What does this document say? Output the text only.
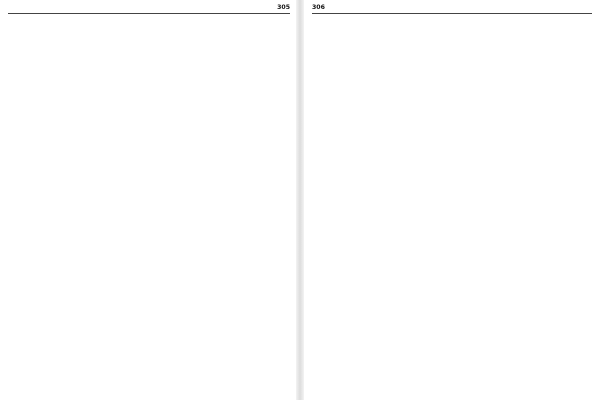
305	306
